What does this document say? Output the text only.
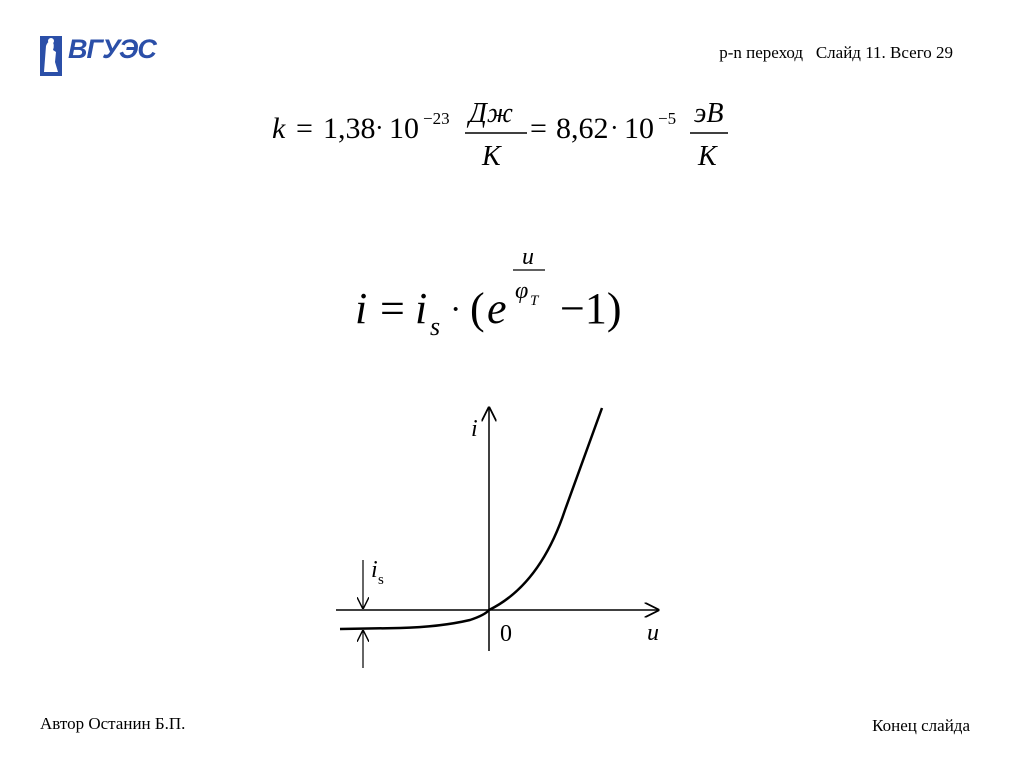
ВГУЭС	p-n переход Слайд 11. Всего 29
k = 1,38 · 10 −23 Дж
К
= 8,62 · 10 −5 эВ
К
i = i s · ( e
u
φ T −1)
i
u
0
i s
Автор Останин Б.П.	Конец слайда
